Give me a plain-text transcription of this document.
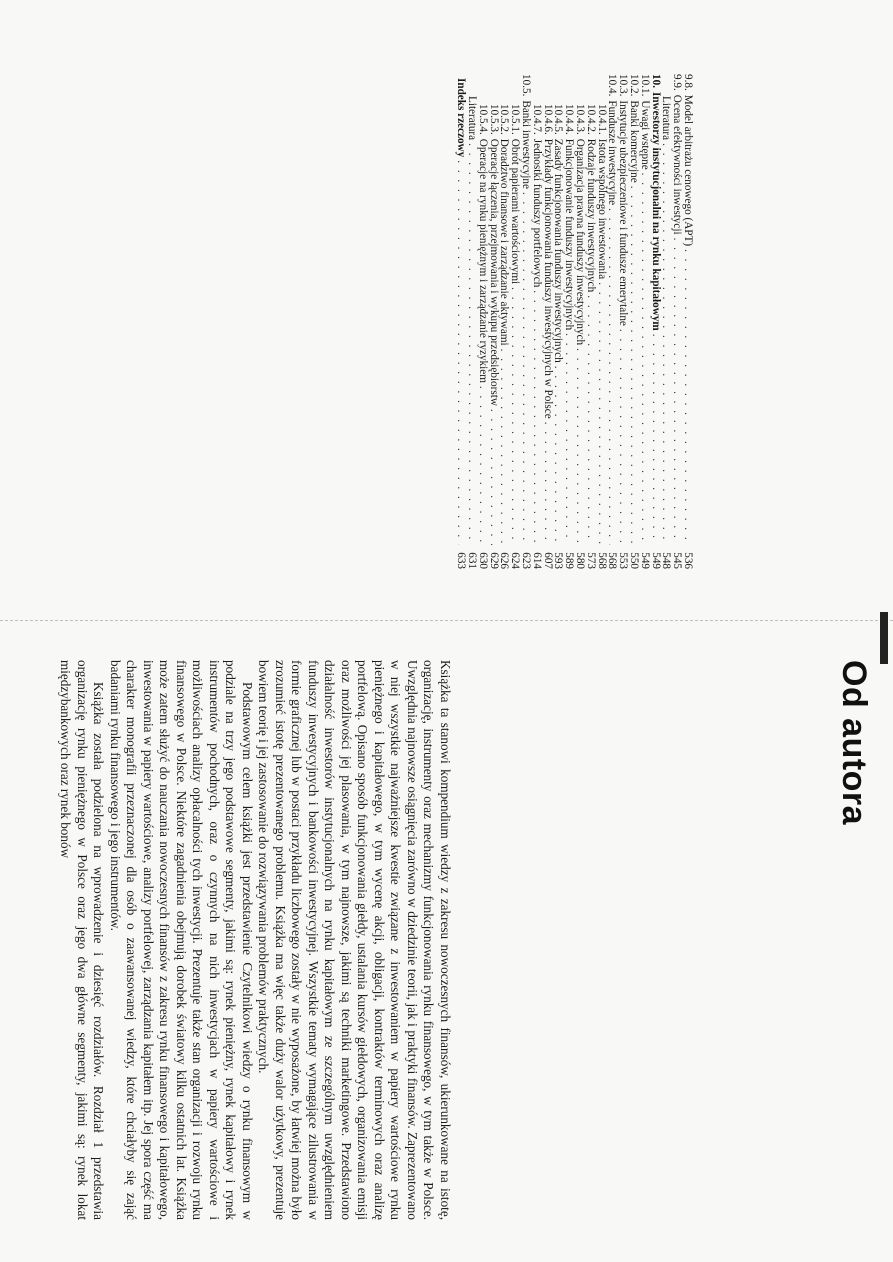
9.8.
Model arbitrażu cenowego (APT)
. . .
536
9.9.
Ocena efektywności inwestycji
. . .
545
Literatura
. . .
548
10.
Inwestorzy instytucjonalni na rynku kapitałowym
. . .
549
10.1.
Uwagi wstępne
. . .
549
10.2.
Banki komercyjne
. . .
550
10.3.
Instytucje ubezpieczeniowe i fundusze emerytalne
. . .
553
10.4.
Fundusze inwestycyjne
. . .
568
10.4.1.
Istota wspólnego inwestowania
. . .
568
10.4.2.
Rodzaje funduszy inwestycyjnych
. . .
573
10.4.3.
Organizacja prawna funduszy inwestycyjnych
. . .
580
10.4.4.
Funkcjonowanie funduszy inwestycyjnych
. . .
589
10.4.5.
Zasady funkcjonowania funduszy inwestycyjnych
. . .
593
10.4.6.
Przykłady funkcjonowania funduszy inwestycyjnych w Polsce
. . .
607
10.4.7.
Jednostki funduszy portfelowych
. . .
614
10.5.
Banki inwestycyjne
. . .
623
10.5.1.
Obrót papierami wartościowymi
. . .
624
10.5.2.
Doradztwo finansowe i zarządzanie aktywami
. . .
626
10.5.3.
Operacje łączenia, przejmowania i wykupu przedsiębiorstw
. . .
629
10.5.4.
Operacje na rynku pieniężnym i zarządzanie ryzykiem
. . .
630
Literatura
. . .
631
Indeks rzeczowy
. . .
633
Od autora

Książka ta stanowi kompendium wiedzy z zakresu nowoczesnych finansów, ukierunkowane na istotę, organizację, instrumenty oraz mechanizmy funkcjonowania rynku finansowego, w tym także w Polsce. Uwzględnia najnowsze osiągnięcia zarówno w dziedzinie teorii, jak i praktyki finansów. Zaprezentowano w niej wszystkie najważniejsze kwestie związane z inwestowaniem w papiery wartościowe rynku pieniężnego i kapitałowego, w tym wycenę akcji, obligacji, kontraktów terminowych oraz analizę portfelową. Opisano sposób funkcjonowania giełdy, ustalania kursów giełdowych, organizowania emisji oraz możliwości jej plasowania, w tym najnowsze, jakimi są techniki marketingowe. Przedstawiono działalność inwestorów instytucjonalnych na rynku kapitałowym ze szczególnym uwzględnieniem funduszy inwestycyjnych i bankowości inwestycyjnej. Wszystkie tematy wymagające zilustrowania w formie graficznej lub w postaci przykładu liczbowego zostały w nie wyposażone, by łatwiej można było zrozumieć istotę prezentowanego problemu. Książka ma więc także duży walor użytkowy, prezentuje bowiem teorię i jej zastosowanie do rozwiązywania problemów praktycznych.

Podstawowym celem książki jest przedstawienie Czytelnikowi wiedzy o rynku finansowym w podziale na trzy jego podstawowe segmenty, jakimi są: rynek pieniężny, rynek kapitałowy i rynek instrumentów pochodnych, oraz o czynnych na nich inwestycjach w papiery wartościowe i możliwościach analizy opłacalności tych inwestycji. Prezentuje także stan organizacji i rozwoju rynku finansowego w Polsce. Niektóre zagadnienia obejmują dorobek światowy kilku ostatnich lat. Książka może zatem służyć do nauczania nowoczesnych finansów z zakresu rynku finansowego i kapitałowego, inwestowania w papiery wartościowe, analizy portfelowej, zarządzania kapitałem itp. Jej spora część ma charakter monografii przeznaczonej dla osób o zaawansowanej wiedzy, które chciałyby się zająć badaniami rynku finansowego i jego instrumentów.

Książka została podzielona na wprowadzenie i dziesięć rozdziałów. Rozdział 1 przedstawia organizację rynku pieniężnego w Polsce oraz jego dwa główne segmenty, jakimi są: rynek lokat międzybankowych oraz rynek bonów
